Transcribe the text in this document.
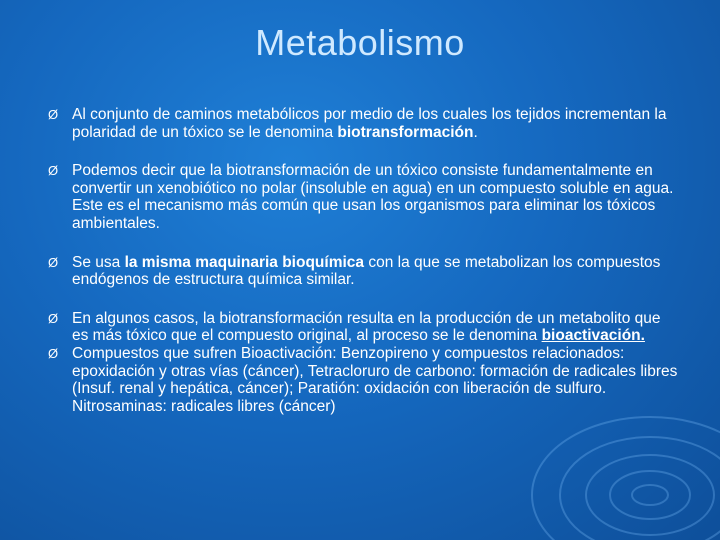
Metabolismo
Ø Al conjunto de caminos metabólicos por medio de los cuales los tejidos incrementan la polaridad de un tóxico se le denomina biotransformación.
Ø Podemos decir que la biotransformación de un tóxico consiste fundamentalmente en convertir un xenobiótico no polar (insoluble en agua) en un compuesto soluble en agua. Este es el mecanismo más común que usan los organismos para eliminar los tóxicos ambientales.
Ø Se usa la misma maquinaria bioquímica con la que se metabolizan los compuestos endógenos de estructura química similar.
Ø En algunos casos, la biotransformación resulta en la producción de un metabolito que es más tóxico que el compuesto original, al proceso se le denomina bioactivación.
Ø Compuestos que sufren Bioactivación: Benzopireno y compuestos relacionados: epoxidación y otras vías (cáncer), Tetracloruro de carbono: formación de radicales libres (Insuf. renal y hepática, cáncer); Paratión: oxidación con liberación de sulfuro. Nitrosaminas: radicales libres (cáncer)
